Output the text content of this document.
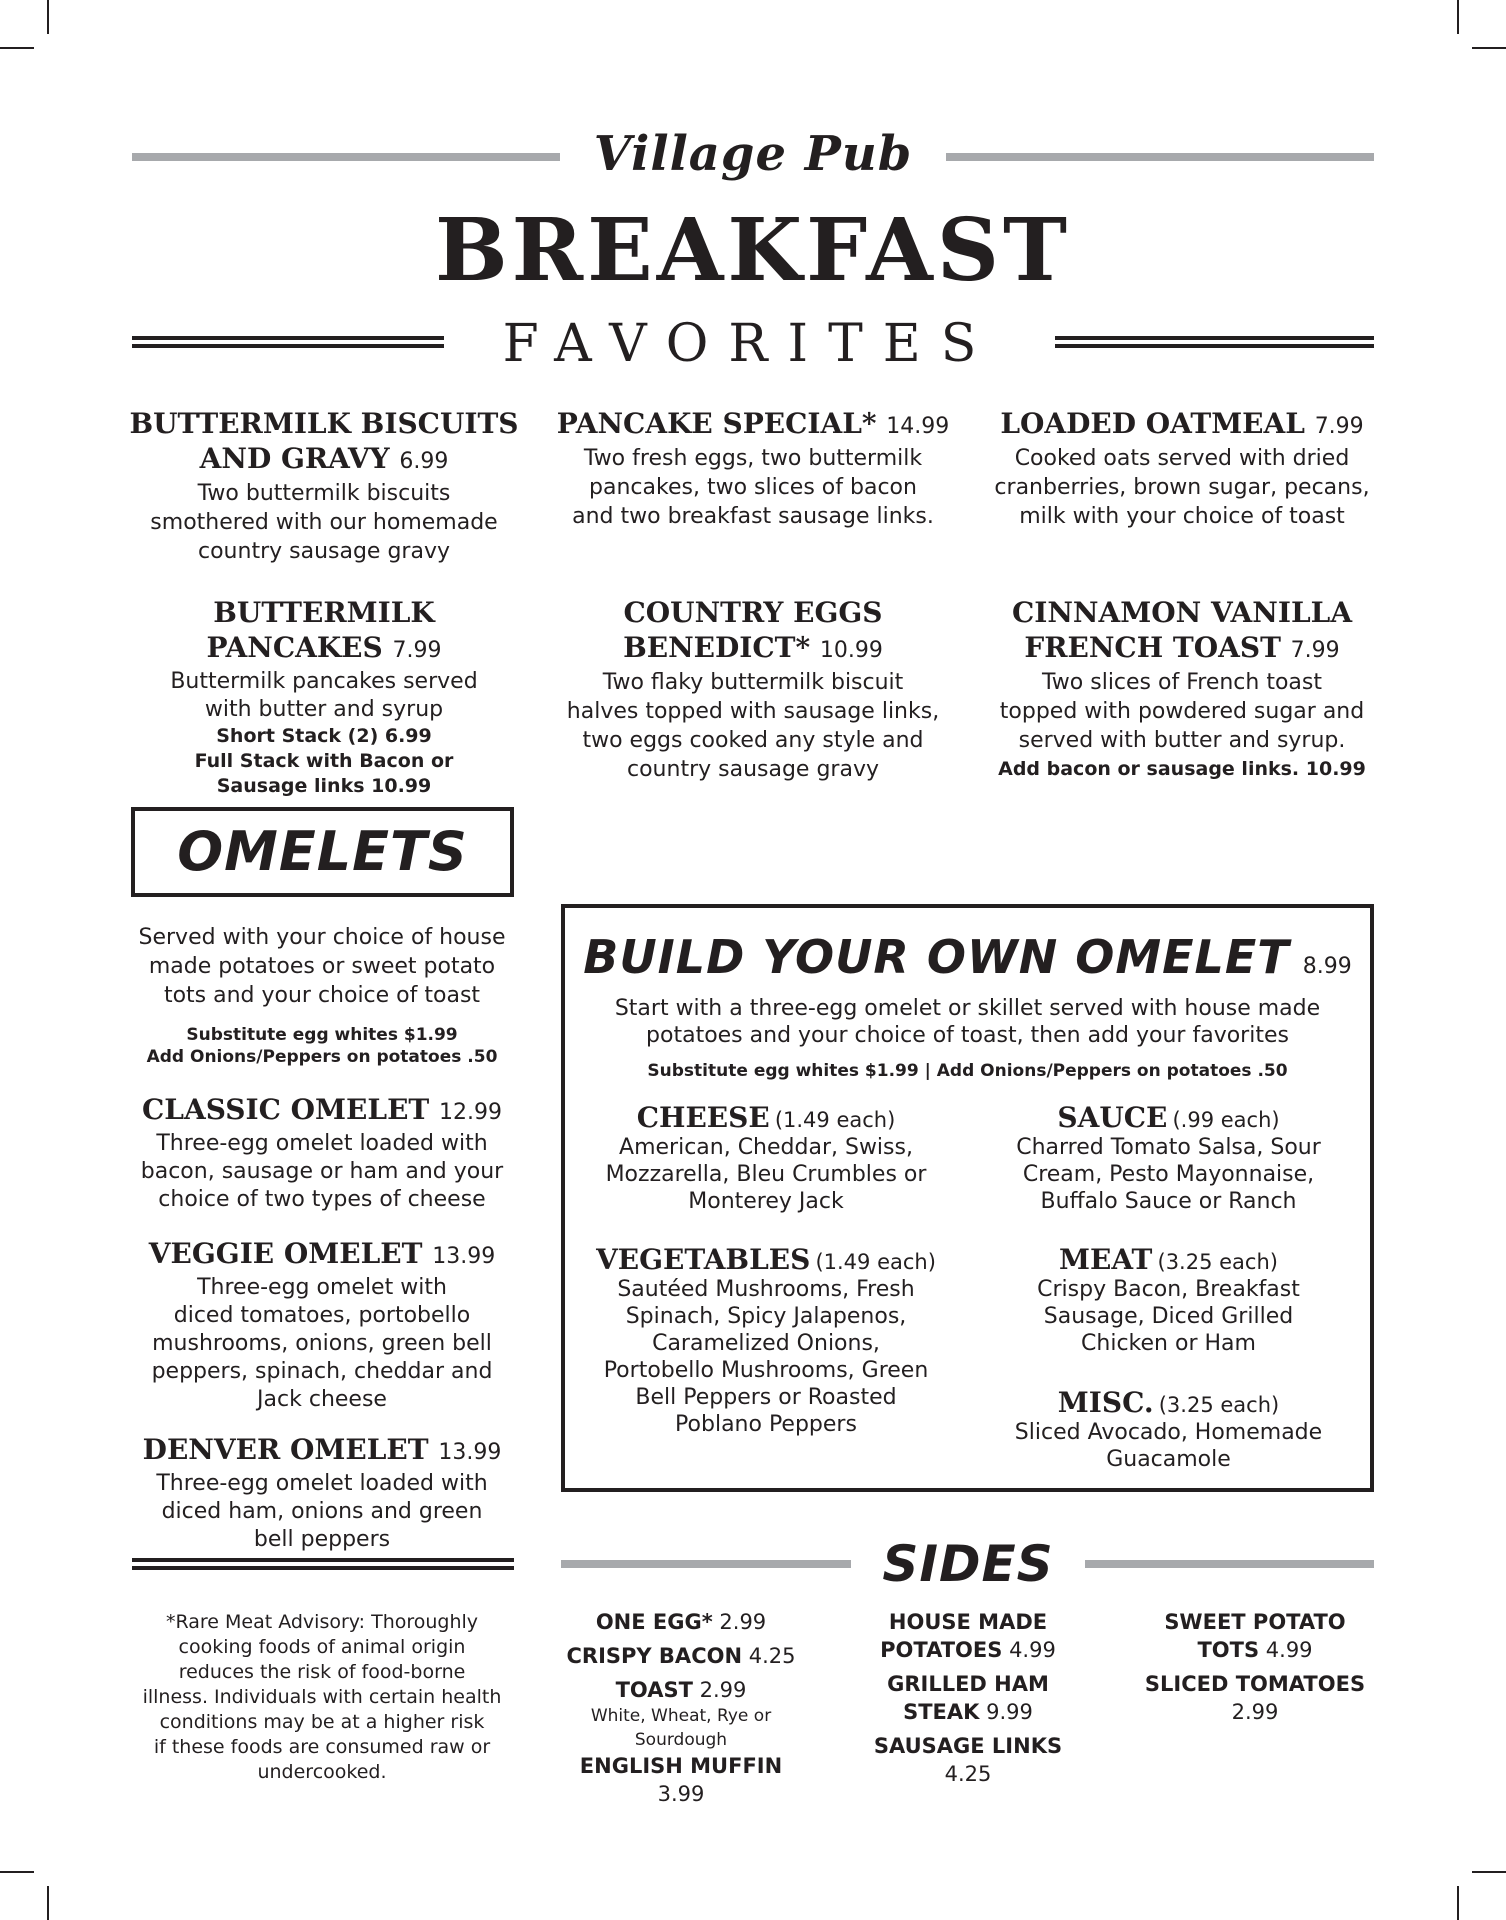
Village Pub
BREAKFAST
FAVORITES
BUTTERMILK BISCUITS
AND GRAVY 6.99
Two buttermilk biscuits
smothered with our homemade
country sausage gravy
PANCAKE SPECIAL* 14.99
Two fresh eggs, two buttermilk
pancakes, two slices of bacon
and two breakfast sausage links.
LOADED OATMEAL 7.99
Cooked oats served with dried
cranberries, brown sugar, pecans,
milk with your choice of toast
BUTTERMILK
PANCAKES 7.99
Buttermilk pancakes served
with butter and syrup
Short Stack (2) 6.99
Full Stack with Bacon or
Sausage links 10.99
COUNTRY EGGS
BENEDICT* 10.99
Two flaky buttermilk biscuit
halves topped with sausage links,
two eggs cooked any style and
country sausage gravy
CINNAMON VANILLA
FRENCH TOAST 7.99
Two slices of French toast
topped with powdered sugar and
served with butter and syrup.
Add bacon or sausage links. 10.99
OMELETS
Served with your choice of house
made potatoes or sweet potato
tots and your choice of toast
Substitute egg whites $1.99
Add Onions/Peppers on potatoes .50
CLASSIC OMELET 12.99
Three-egg omelet loaded with
bacon, sausage or ham and your
choice of two types of cheese
VEGGIE OMELET 13.99
Three-egg omelet with
diced tomatoes, portobello
mushrooms, onions, green bell
peppers, spinach, cheddar and
Jack cheese
DENVER OMELET 13.99
Three-egg omelet loaded with
diced ham, onions and green
bell peppers
BUILD YOUR OWN OMELET 8.99
Start with a three-egg omelet or skillet served with house made
potatoes and your choice of toast, then add your favorites
Substitute egg whites $1.99 | Add Onions/Peppers on potatoes .50
CHEESE (1.49 each)
American, Cheddar, Swiss,
Mozzarella, Bleu Crumbles or
Monterey Jack
SAUCE (.99 each)
Charred Tomato Salsa, Sour
Cream, Pesto Mayonnaise,
Buffalo Sauce or Ranch
VEGETABLES (1.49 each)
Sautéed Mushrooms, Fresh
Spinach, Spicy Jalapenos,
Caramelized Onions,
Portobello Mushrooms, Green
Bell Peppers or Roasted
Poblano Peppers
MEAT (3.25 each)
Crispy Bacon, Breakfast
Sausage, Diced Grilled
Chicken or Ham
MISC. (3.25 each)
Sliced Avocado, Homemade
Guacamole
SIDES
ONE EGG* 2.99
CRISPY BACON 4.25
TOAST 2.99
White, Wheat, Rye or
Sourdough
ENGLISH MUFFIN
3.99
HOUSE MADE
POTATOES 4.99
GRILLED HAM
STEAK 9.99
SAUSAGE LINKS
4.25
SWEET POTATO
TOTS 4.99
SLICED TOMATOES
2.99
*Rare Meat Advisory: Thoroughly
cooking foods of animal origin
reduces the risk of food-borne
illness. Individuals with certain health
conditions may be at a higher risk
if these foods are consumed raw or
undercooked.
